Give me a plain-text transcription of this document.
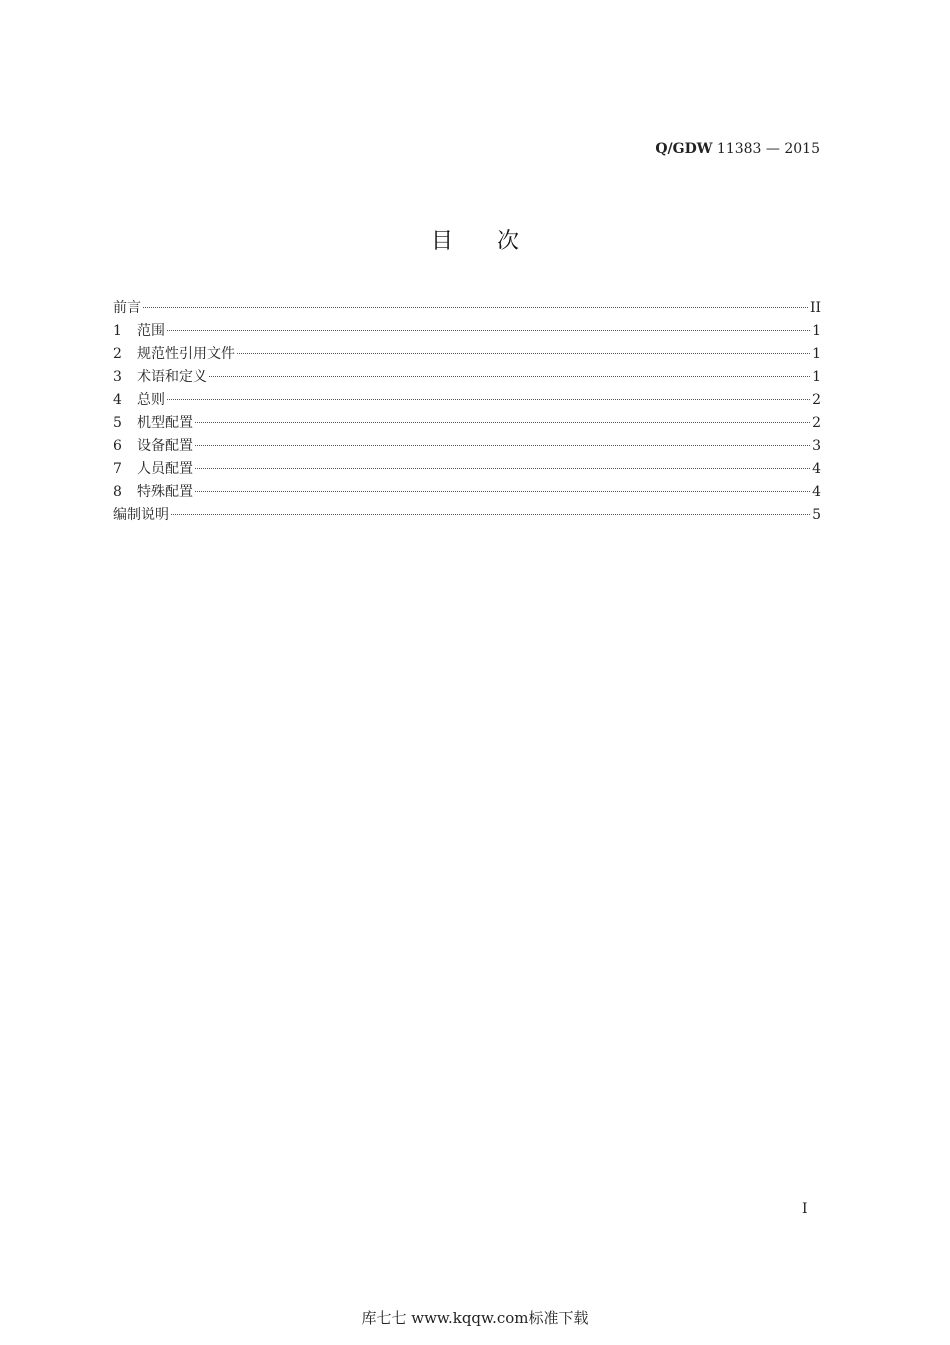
Q/GDW 11383 — 2015
目 次
前言	II
1	范围	1
2	规范性引用文件	1
3	术语和定义	1
4	总则	2
5	机型配置	2
6	设备配置	3
7	人员配置	4
8	特殊配置	4
编制说明	5
I
库七七 www.kqqw.com标准下载
